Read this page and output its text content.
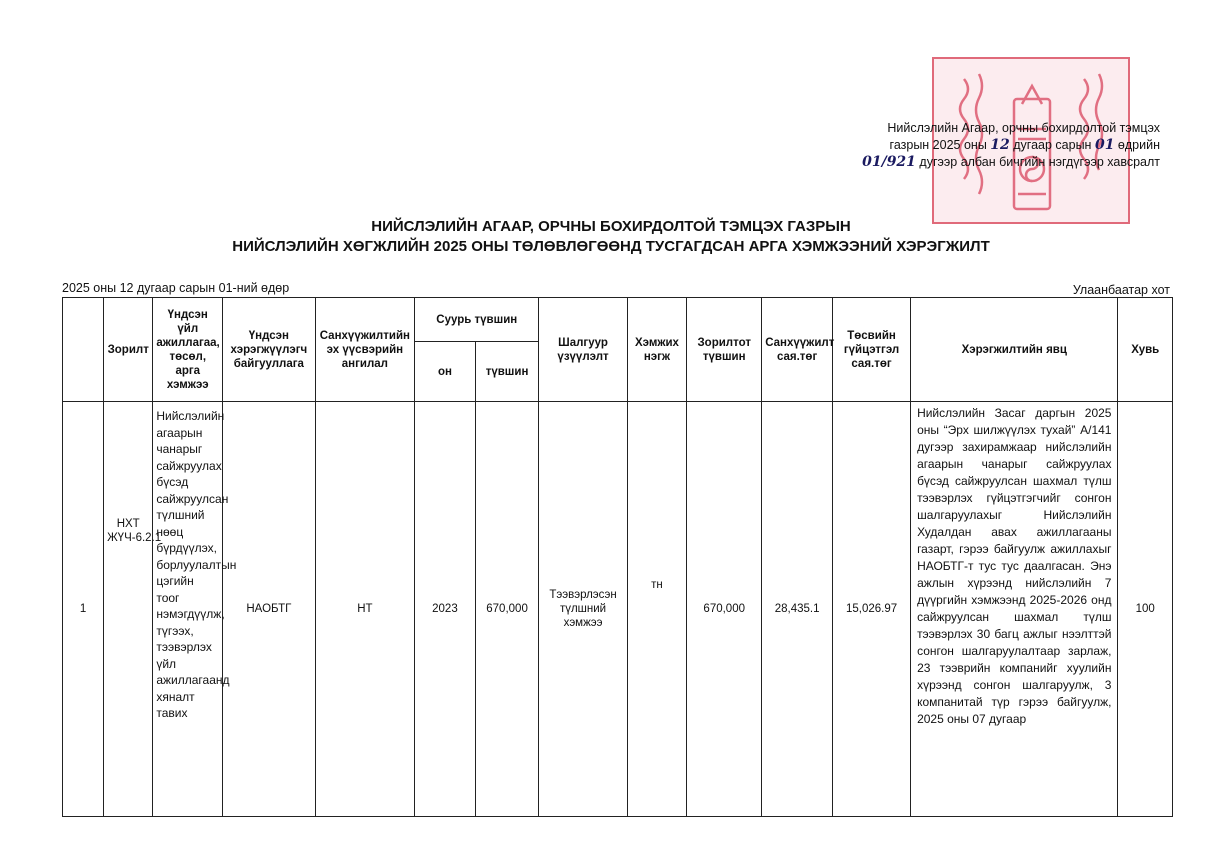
Нийслэлийн Агаар, орчны бохирдолтой тэмцэх
газрын 2025 оны 12 дугаар сарын 01 өдрийн
01/921 дугээр албан бичгийн нэгдүгээр хавсралт
НИЙСЛЭЛИЙН АГААР, ОРЧНЫ БОХИРДОЛТОЙ ТЭМЦЭХ ГАЗРЫН
НИЙСЛЭЛИЙН ХӨГЖЛИЙН 2025 ОНЫ ТӨЛӨВЛӨГӨӨНД ТУСГАГДСАН АРГА ХЭМЖЭЭНИЙ ХЭРЭГЖИЛТ
2025 оны 12 дугаар сарын 01-ний өдөр	Улаанбаатар хот
	Зорилт	Үндсэн үйл ажиллагаа, төсөл, арга хэмжээ	Үндсэн хэрэгжүүлэгч байгууллага	Санхүүжилтийн эх үүсвэрийн ангилал	Суурь түвшин		Шалгуур үзүүлэлт	Хэмжих нэгж	Зорилтот түвшин	Санхүүжилт сая.төг	Төсвийн гүйцэтгэл сая.төг	Хэрэгжилтийн явц	Хувь
					он	түвшин							
1	НХТ ЖҮЧ-6.2.1	Нийслэлийн агаарын чанарыг сайжруулах бүсэд сайжруулсан түлшний нөөц бүрдүүлэх, борлуулалтын цэгийн тоог нэмэгдүүлж, түгээх, тээвэрлэх үйл ажиллагаанд хяналт тавих	НАОБТГ	НТ	2023	670,000	Тээвэрлэсэн түлшний хэмжээ	тн	670,000	28,435.1	15,026.97	Нийслэлийн Засаг даргын 2025 оны “Эрх шилжүүлэх тухай” А/141 дугээр захирамжаар нийслэлийн агаарын чанарыг сайжруулах бүсэд сайжруулсан шахмал түлш тээвэрлэх гүйцэтгэгчийг сонгон шалгаруулахыг Нийслэлийн Худалдан авах ажиллагааны газарт, гэрээ байгуулж ажиллахыг НАОБТГ-т тус тус даалгасан. Энэ ажлын хүрээнд нийслэлийн 7 дүүргийн хэмжээнд 2025-2026 онд сайжруулсан шахмал түлш тээвэрлэх 30 багц ажлыг нээлттэй сонгон шалгаруулалтаар зарлаж, 23 тээврийн компанийг хуулийн хүрээнд сонгон шалгаруулж, 3 компанитай түр гэрээ байгуулж, 2025 оны 07 дугаар	100
